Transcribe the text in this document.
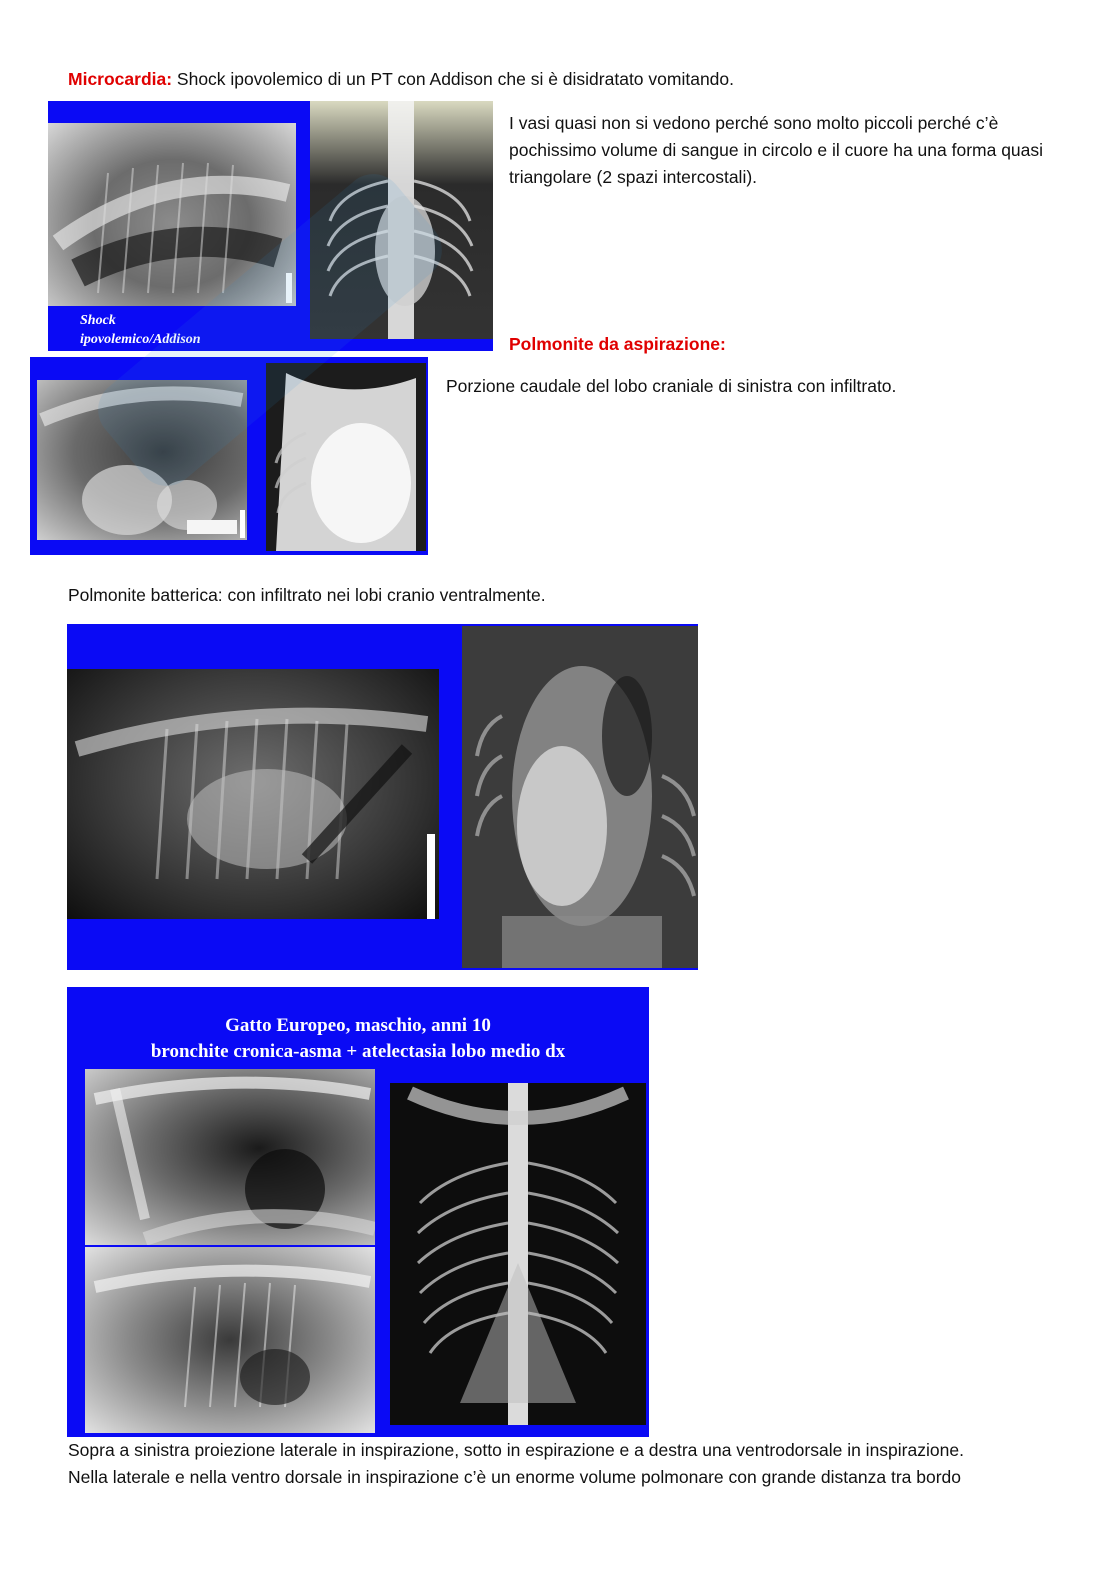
Microcardia: Shock ipovolemico di un PT con Addison che si è disidratato vomitando.
Shock
ipovolemico/Addison
I vasi quasi non si vedono perché sono molto piccoli perché c’è pochissimo volume di sangue in circolo e il cuore ha una forma quasi triangolare (2 spazi intercostali).
Polmonite da aspirazione:
Porzione caudale del lobo craniale di sinistra con infiltrato.
Polmonite batterica: con infiltrato nei lobi cranio ventralmente.
Gatto Europeo, maschio, anni 10
bronchite cronica-asma + atelectasia lobo medio dx
Sopra a sinistra proiezione laterale in inspirazione, sotto in espirazione e a destra una ventrodorsale in inspirazione.
Nella laterale e nella ventro dorsale in inspirazione c’è un enorme volume polmonare con grande distanza tra bordo
